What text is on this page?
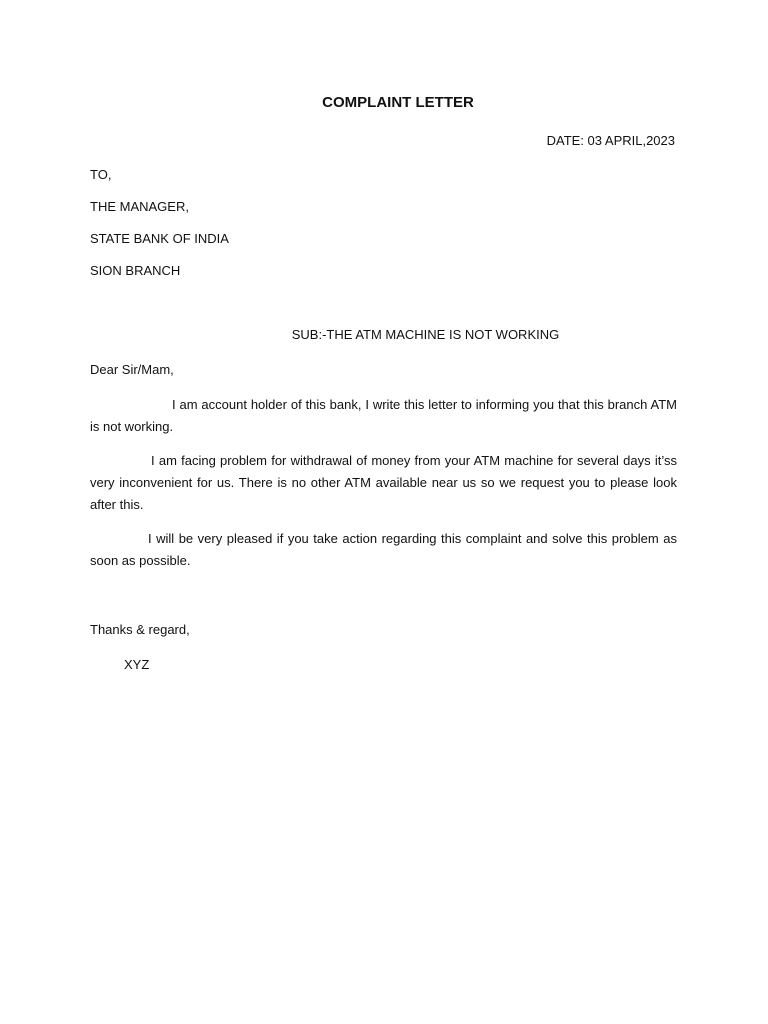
COMPLAINT LETTER
DATE: 03 APRIL,2023
TO,
THE MANAGER,
STATE BANK OF INDIA
SION BRANCH
SUB:-THE ATM MACHINE IS NOT WORKING
Dear Sir/Mam,

I am account holder of this bank, I write this letter to informing you that this branch ATM is not working.

I am facing problem for withdrawal of money from your ATM machine for several days it’ss very inconvenient for us. There is no other ATM available near us so we request you to please look after this.

I will be very pleased if you take action regarding this complaint and solve this problem as soon as possible.

Thanks & regard,
XYZ
